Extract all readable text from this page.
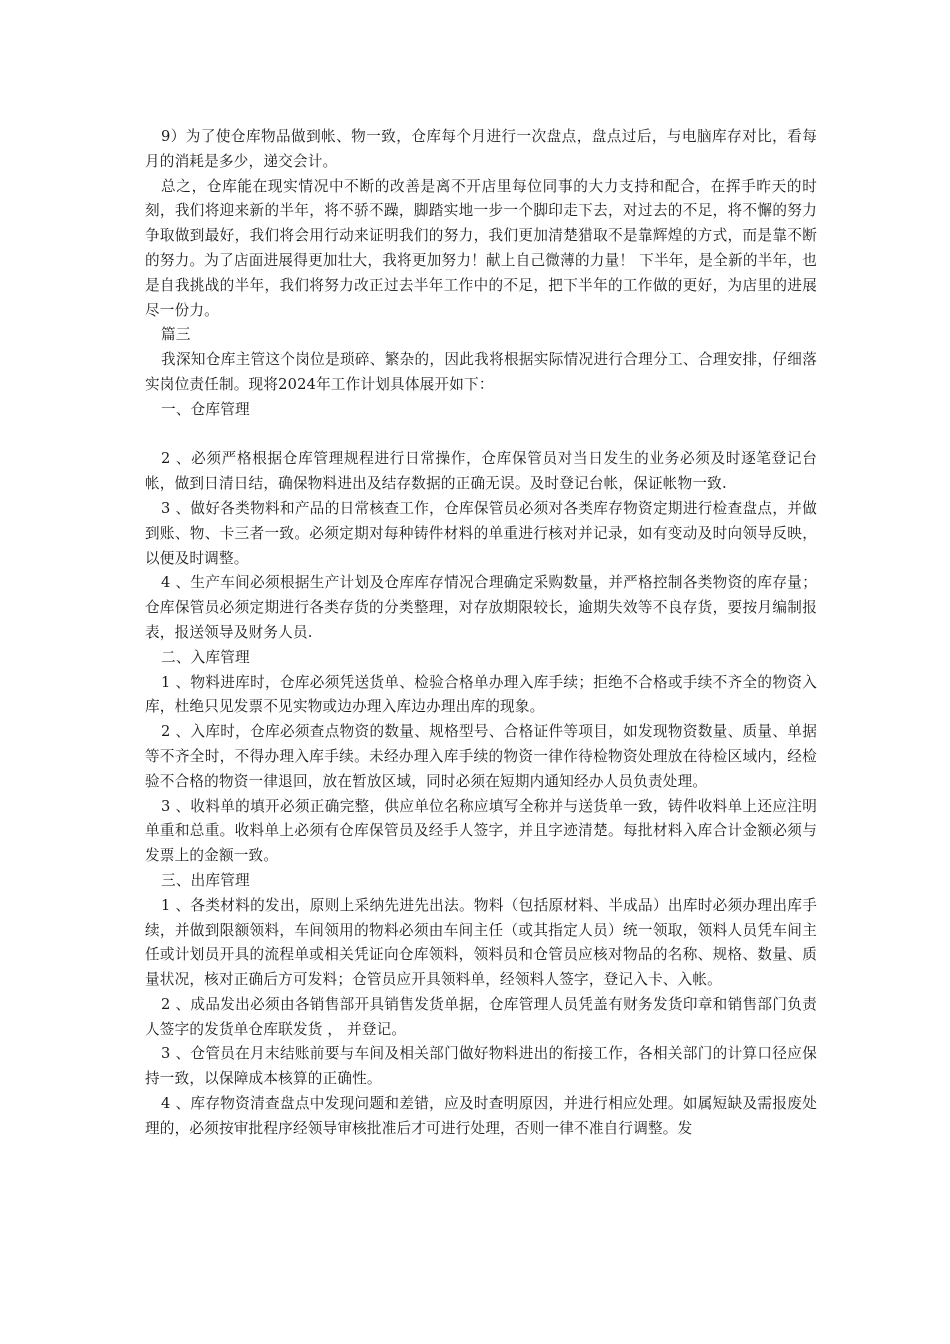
9）为了使仓库物品做到帐、物一致，仓库每个月进行一次盘点，盘点过后，与电脑库存对比，看每月的消耗是多少，递交会计。

总之，仓库能在现实情况中不断的改善是离不开店里每位同事的大力支持和配合，在挥手昨天的时刻，我们将迎来新的半年，将不骄不躁，脚踏实地一步一个脚印走下去，对过去的不足，将不懈的努力争取做到最好，我们将会用行动来证明我们的努力，我们更加清楚猎取不是靠辉煌的方式，而是靠不断的努力。为了店面进展得更加壮大，我将更加努力！献上自己微薄的力量！ 下半年，是全新的半年，也是自我挑战的半年，我们将努力改正过去半年工作中的不足，把下半年的工作做的更好，为店里的进展尽一份力。

篇三

我深知仓库主管这个岗位是琐碎、繁杂的，因此我将根据实际情况进行合理分工、合理安排，仔细落实岗位责任制。现将2024年工作计划具体展开如下：

一、仓库管理

2 、必须严格根据仓库管理规程进行日常操作，仓库保管员对当日发生的业务必须及时逐笔登记台帐，做到日清日结，确保物料进出及结存数据的正确无误。及时登记台帐，保证帐物一致.

3 、做好各类物料和产品的日常核查工作，仓库保管员必须对各类库存物资定期进行检查盘点，并做到账、物、卡三者一致。必须定期对每种铸件材料的单重进行核对并记录，如有变动及时向领导反映，以便及时调整。

4 、生产车间必须根据生产计划及仓库库存情况合理确定采购数量，并严格控制各类物资的库存量；仓库保管员必须定期进行各类存货的分类整理，对存放期限较长，逾期失效等不良存货，要按月编制报表，报送领导及财务人员.

二、入库管理

1 、物料进库时，仓库必须凭送货单、检验合格单办理入库手续；拒绝不合格或手续不齐全的物资入库，杜绝只见发票不见实物或边办理入库边办理出库的现象。

2 、入库时，仓库必须查点物资的数量、规格型号、合格证件等项目，如发现物资数量、质量、单据等不齐全时，不得办理入库手续。未经办理入库手续的物资一律作待检物资处理放在待检区域内，经检验不合格的物资一律退回，放在暂放区域，同时必须在短期内通知经办人员负责处理。

3 、收料单的填开必须正确完整，供应单位名称应填写全称并与送货单一致，铸件收料单上还应注明单重和总重。收料单上必须有仓库保管员及经手人签字，并且字迹清楚。每批材料入库合计金额必须与发票上的金额一致。

三、出库管理

1 、各类材料的发出，原则上采纳先进先出法。物料（包括原材料、半成品）出库时必须办理出库手续，并做到限额领料，车间领用的物料必须由车间主任（或其指定人员）统一领取，领料人员凭车间主任或计划员开具的流程单或相关凭证向仓库领料，领料员和仓管员应核对物品的名称、规格、数量、质量状况，核对正确后方可发料；仓管员应开具领料单，经领料人签字，登记入卡、入帐。

2 、成品发出必须由各销售部开具销售发货单据，仓库管理人员凭盖有财务发货印章和销售部门负责人签字的发货单仓库联发货 ， 并登记。

3 、仓管员在月末结账前要与车间及相关部门做好物料进出的衔接工作，各相关部门的计算口径应保持一致，以保障成本核算的正确性。

4 、库存物资清查盘点中发现问题和差错，应及时查明原因，并进行相应处理。如属短缺及需报废处理的，必须按审批程序经领导审核批准后才可进行处理，否则一律不准自行调整。发
